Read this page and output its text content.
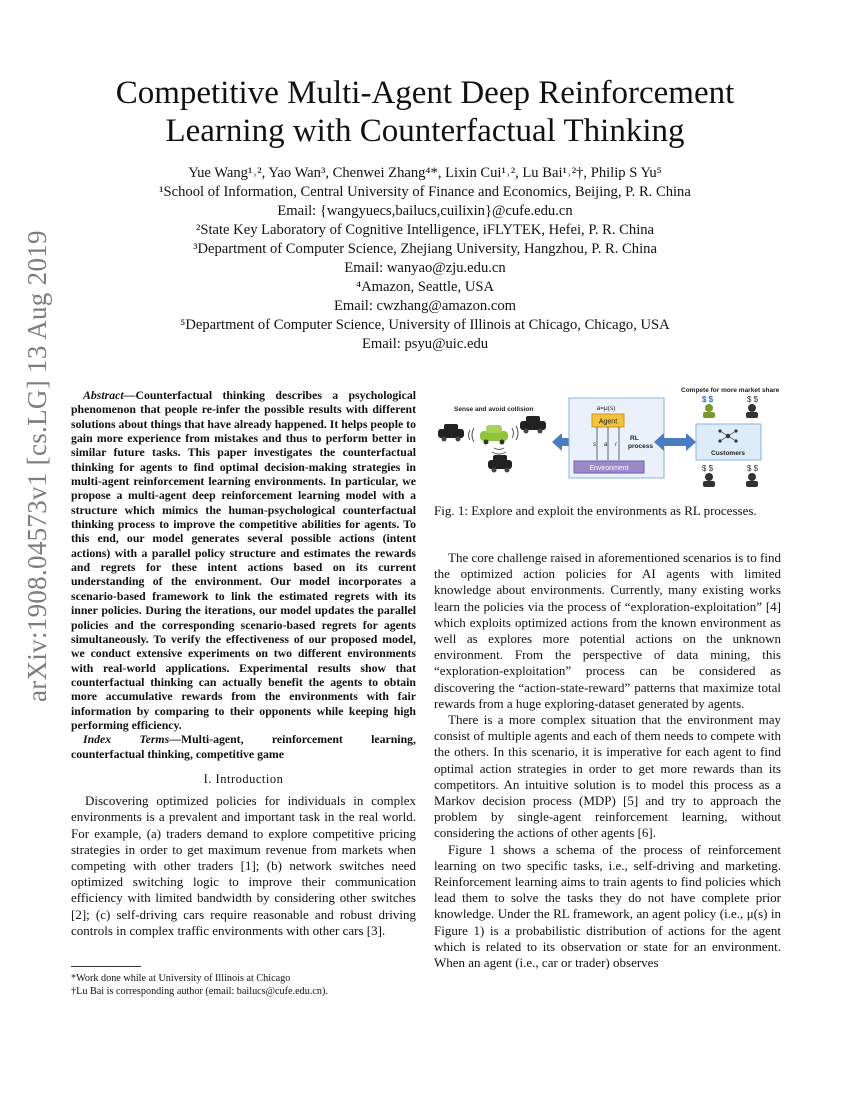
arXiv:1908.04573v1 [cs.LG] 13 Aug 2019
Competitive Multi-Agent Deep Reinforcement
Learning with Counterfactual Thinking
Yue Wang¹˒², Yao Wan³, Chenwei Zhang⁴*, Lixin Cui¹˒², Lu Bai¹˒²†, Philip S Yu⁵
¹School of Information, Central University of Finance and Economics, Beijing, P. R. China
Email: {wangyuecs,bailucs,cuilixin}@cufe.edu.cn
²State Key Laboratory of Cognitive Intelligence, iFLYTEK, Hefei, P. R. China
³Department of Computer Science, Zhejiang University, Hangzhou, P. R. China
Email: wanyao@zju.edu.cn
⁴Amazon, Seattle, USA
Email: cwzhang@amazon.com
⁵Department of Computer Science, University of Illinois at Chicago, Chicago, USA
Email: psyu@uic.edu

Abstract—Counterfactual thinking describes a psychological phenomenon that people re-infer the possible results with different solutions about things that have already happened. It helps people to gain more experience from mistakes and thus to perform better in similar future tasks. This paper investigates the counterfactual thinking for agents to find optimal decision-making strategies in multi-agent reinforcement learning environments. In particular, we propose a multi-agent deep reinforcement learning model with a structure which mimics the human-psychological counterfactual thinking process to improve the competitive abilities for agents. To this end, our model generates several possible actions (intent actions) with a parallel policy structure and estimates the rewards and regrets for these intent actions based on its current understanding of the environment. Our model incorporates a scenario-based framework to link the estimated regrets with its inner policies. During the iterations, our model updates the parallel policies and the corresponding scenario-based regrets for agents simultaneously. To verify the effectiveness of our proposed model, we conduct extensive experiments on two different environments with real-world applications. Experimental results show that counterfactual thinking can actually benefit the agents to obtain more accumulative rewards from the environments with fair information by comparing to their opponents while keeping high performing efficiency.

Index Terms—Multi-agent, reinforcement learning, counterfactual thinking, competitive game

I. Introduction

Discovering optimized policies for individuals in complex environments is a prevalent and important task in the real world. For example, (a) traders demand to explore competitive pricing strategies in order to get maximum revenue from markets when competing with other traders [1]; (b) network switches need optimized switching logic to improve their communication efficiency with limited bandwidth by considering other switches [2]; (c) self-driving cars require reasonable and robust driving controls in complex traffic environments with other cars [3].

*Work done while at University of Illinois at Chicago
†Lu Bai is corresponding author (email: bailucs@cufe.edu.cn).
Sense and avoid collision	a=μ(s)
Agent
s a r
RL
process
Environment
Compete for more market share
$ $	$ $
Customers
$ $	$ $
Fig. 1: Explore and exploit the environments as RL processes.

The core challenge raised in aforementioned scenarios is to find the optimized action policies for AI agents with limited knowledge about environments. Currently, many existing works learn the policies via the process of “exploration-exploitation” [4] which exploits optimized actions from the known environment as well as explores more potential actions on the unknown environment. From the perspective of data mining, this “exploration-exploitation” process can be considered as discovering the “action-state-reward” patterns that maximize total rewards from a huge exploring-dataset generated by agents.

There is a more complex situation that the environment may consist of multiple agents and each of them needs to compete with the others. In this scenario, it is imperative for each agent to find optimal action strategies in order to get more rewards than its competitors. An intuitive solution is to model this process as a Markov decision process (MDP) [5] and try to approach the problem by single-agent reinforcement learning, without considering the actions of other agents [6].

Figure 1 shows a schema of the process of reinforcement learning on two specific tasks, i.e., self-driving and marketing. Reinforcement learning aims to train agents to find policies which lead them to solve the tasks they do not have complete prior knowledge. Under the RL framework, an agent policy (i.e., μ(s) in Figure 1) is a probabilistic distribution of actions for the agent which is related to its observation or state for an environment. When an agent (i.e., car or trader) observes
